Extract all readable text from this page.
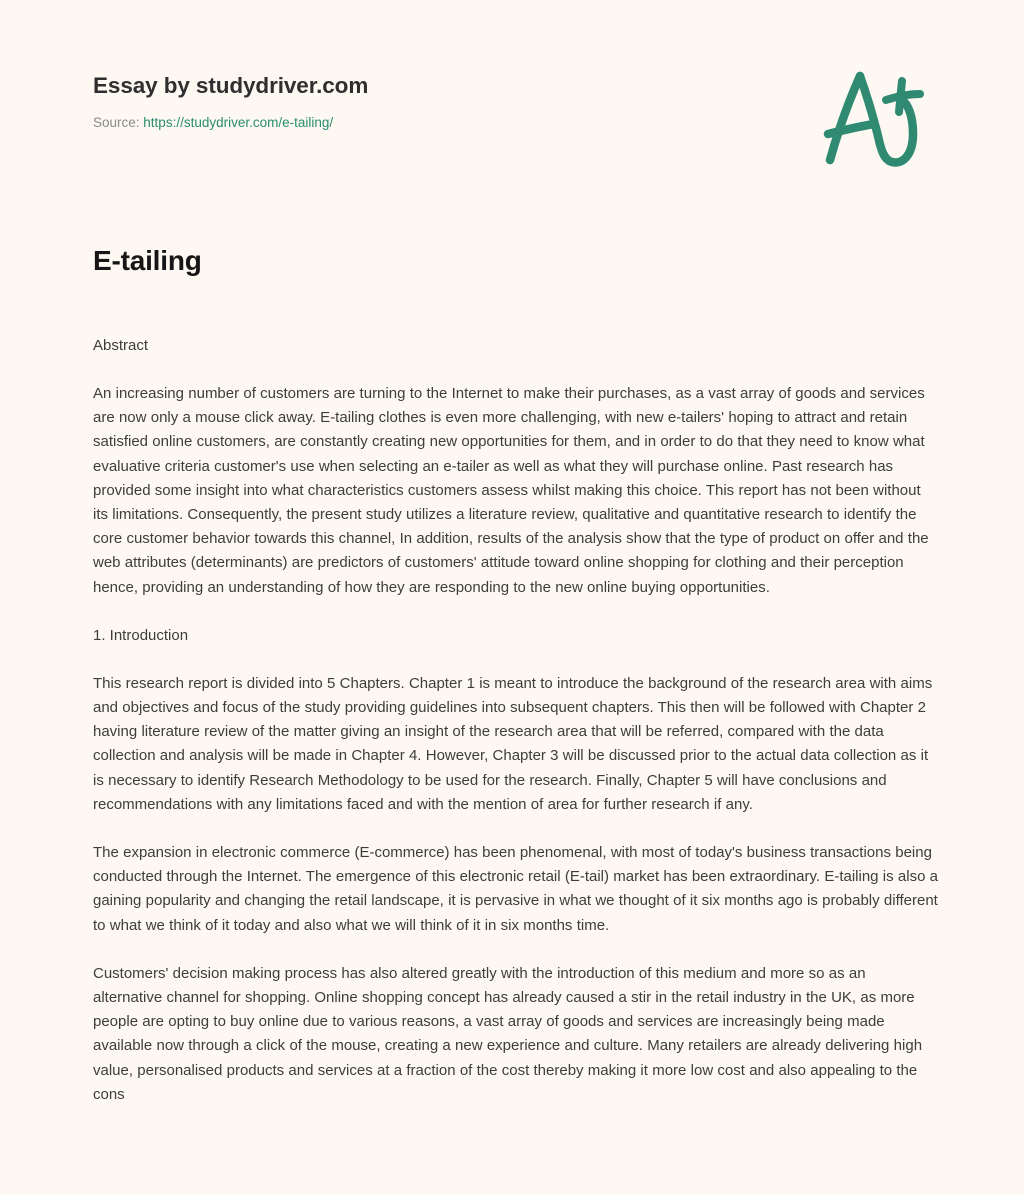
Essay by studydriver.com
Source: https://studydriver.com/e-tailing/
E-tailing
Abstract

An increasing number of customers are turning to the Internet to make their purchases, as a vast array of goods and services are now only a mouse click away. E-tailing clothes is even more challenging, with new e-tailers' hoping to attract and retain satisfied online customers, are constantly creating new opportunities for them, and in order to do that they need to know what evaluative criteria customer's use when selecting an e-tailer as well as what they will purchase online. Past research has provided some insight into what characteristics customers assess whilst making this choice. This report has not been without its limitations. Consequently, the present study utilizes a literature review, qualitative and quantitative research to identify the core customer behavior towards this channel, In addition, results of the analysis show that the type of product on offer and the web attributes (determinants) are predictors of customers' attitude toward online shopping for clothing and their perception hence, providing an understanding of how they are responding to the new online buying opportunities.

1. Introduction

This research report is divided into 5 Chapters. Chapter 1 is meant to introduce the background of the research area with aims and objectives and focus of the study providing guidelines into subsequent chapters. This then will be followed with Chapter 2 having literature review of the matter giving an insight of the research area that will be referred, compared with the data collection and analysis will be made in Chapter 4. However, Chapter 3 will be discussed prior to the actual data collection as it is necessary to identify Research Methodology to be used for the research. Finally, Chapter 5 will have conclusions and recommendations with any limitations faced and with the mention of area for further research if any.

The expansion in electronic commerce (E-commerce) has been phenomenal, with most of today's business transactions being conducted through the Internet. The emergence of this electronic retail (E-tail) market has been extraordinary. E-tailing is also a gaining popularity and changing the retail landscape, it is pervasive in what we thought of it six months ago is probably different to what we think of it today and also what we will think of it in six months time.

Customers' decision making process has also altered greatly with the introduction of this medium and more so as an alternative channel for shopping. Online shopping concept has already caused a stir in the retail industry in the UK, as more people are opting to buy online due to various reasons, a vast array of goods and services are increasingly being made available now through a click of the mouse, creating a new experience and culture. Many retailers are already delivering high value, personalised products and services at a fraction of the cost thereby making it more low cost and also appealing to the cons
